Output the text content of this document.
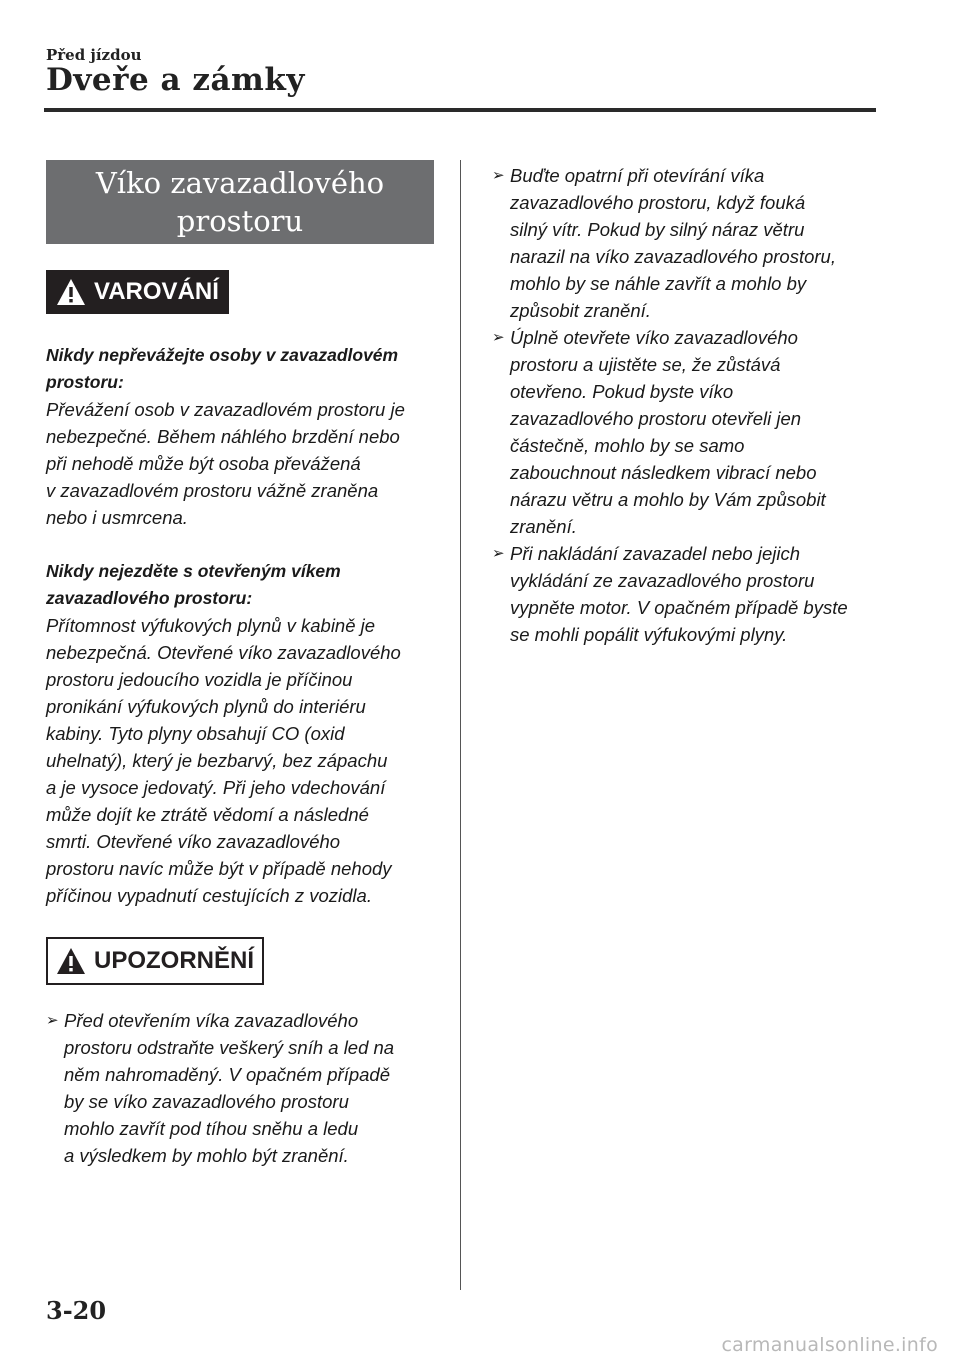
Před jízdou
Dveře a zámky
Víko zavazadlového
prostoru
VAROVÁNÍ

Nikdy nepřevážejte osoby v zavazadlovém

prostoru:

Převážení osob v zavazadlovém prostoru je

nebezpečné. Během náhlého brzdění nebo

při nehodě může být osoba převážená

v zavazadlovém prostoru vážně zraněna

nebo i usmrcena.

Nikdy nejezděte s otevřeným víkem

zavazadlového prostoru:

Přítomnost výfukových plynů v kabině je

nebezpečná. Otevřené víko zavazadlového

prostoru jedoucího vozidla je příčinou

pronikání výfukových plynů do interiéru

kabiny. Tyto plyny obsahují CO (oxid

uhelnatý), který je bezbarvý, bez zápachu

a je vysoce jedovatý. Při jeho vdechování

může dojít ke ztrátě vědomí a následné

smrti. Otevřené víko zavazadlového

prostoru navíc může být v případě nehody

příčinou vypadnutí cestujících z vozidla.

UPOZORNĚNÍ
➢ Před otevřením víka zavazadlového
prostoru odstraňte veškerý sníh a led na
něm nahromaděný. V opačném případě
by se víko zavazadlového prostoru
mohlo zavřít pod tíhou sněhu a ledu
a výsledkem by mohlo být zranění.
➢ Buďte opatrní při otevírání víka
zavazadlového prostoru, když fouká
silný vítr. Pokud by silný náraz větru
narazil na víko zavazadlového prostoru,
mohlo by se náhle zavřít a mohlo by
způsobit zranění.
➢ Úplně otevřete víko zavazadlového
prostoru a ujistěte se, že zůstává
otevřeno. Pokud byste víko
zavazadlového prostoru otevřeli jen
částečně, mohlo by se samo
zabouchnout následkem vibrací nebo
nárazu větru a mohlo by Vám způsobit
zranění.
➢ Při nakládání zavazadel nebo jejich
vykládání ze zavazadlového prostoru
vypněte motor. V opačném případě byste
se mohli popálit výfukovými plyny.
3-20
carmanualsonline.info
